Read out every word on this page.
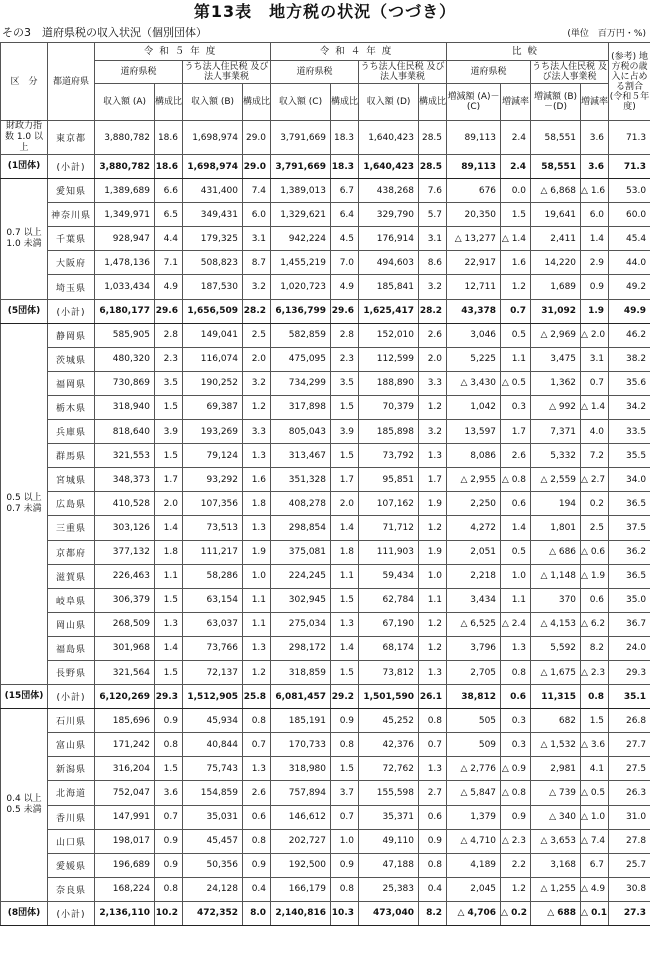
第13表　地方税の状況（つづき）
その3　道府県税の収入状況（個別団体）	(単位　百万円・%)
区　分	都道府県	令和５年度				令和４年度				比較				(参考) 地方税の歳入に占める割合 (令和５年度)
		道府県税		うち法人住民税 及び法人事業税		道府県税		うち法人住民税 及び法人事業税		道府県税		うち法人住民税 及び法人事業税		
		収入額 (A)	構成比	収入額 (B)	構成比	収入額 (C)	構成比	収入額 (D)	構成比	増減額 (A)－(C)	増減率	増減額 (B)－(D)	増減率	
財政力指数 1.0 以上	東京都	3,880,782	18.6	1,698,974	29.0	3,791,669	18.3	1,640,423	28.5	89,113	2.4	58,551	3.6	71.3
(1団体)	(小計)	3,880,782	18.6	1,698,974	29.0	3,791,669	18.3	1,640,423	28.5	89,113	2.4	58,551	3.6	71.3
0.7 以上 1.0 未満	愛知県	1,389,689	6.6	431,400	7.4	1,389,013	6.7	438,268	7.6	676	0.0	△ 6,868	△ 1.6	53.0
	神奈川県	1,349,971	6.5	349,431	6.0	1,329,621	6.4	329,790	5.7	20,350	1.5	19,641	6.0	60.0
	千葉県	928,947	4.4	179,325	3.1	942,224	4.5	176,914	3.1	△ 13,277	△ 1.4	2,411	1.4	45.4
	大阪府	1,478,136	7.1	508,823	8.7	1,455,219	7.0	494,603	8.6	22,917	1.6	14,220	2.9	44.0
	埼玉県	1,033,434	4.9	187,530	3.2	1,020,723	4.9	185,841	3.2	12,711	1.2	1,689	0.9	49.2
(5団体)	(小計)	6,180,177	29.6	1,656,509	28.2	6,136,799	29.6	1,625,417	28.2	43,378	0.7	31,092	1.9	49.9
0.5 以上 0.7 未満	静岡県	585,905	2.8	149,041	2.5	582,859	2.8	152,010	2.6	3,046	0.5	△ 2,969	△ 2.0	46.2
	茨城県	480,320	2.3	116,074	2.0	475,095	2.3	112,599	2.0	5,225	1.1	3,475	3.1	38.2
	福岡県	730,869	3.5	190,252	3.2	734,299	3.5	188,890	3.3	△ 3,430	△ 0.5	1,362	0.7	35.6
	栃木県	318,940	1.5	69,387	1.2	317,898	1.5	70,379	1.2	1,042	0.3	△ 992	△ 1.4	34.2
	兵庫県	818,640	3.9	193,269	3.3	805,043	3.9	185,898	3.2	13,597	1.7	7,371	4.0	33.5
	群馬県	321,553	1.5	79,124	1.3	313,467	1.5	73,792	1.3	8,086	2.6	5,332	7.2	35.5
	宮城県	348,373	1.7	93,292	1.6	351,328	1.7	95,851	1.7	△ 2,955	△ 0.8	△ 2,559	△ 2.7	34.0
	広島県	410,528	2.0	107,356	1.8	408,278	2.0	107,162	1.9	2,250	0.6	194	0.2	36.5
	三重県	303,126	1.4	73,513	1.3	298,854	1.4	71,712	1.2	4,272	1.4	1,801	2.5	37.5
	京都府	377,132	1.8	111,217	1.9	375,081	1.8	111,903	1.9	2,051	0.5	△ 686	△ 0.6	36.2
	滋賀県	226,463	1.1	58,286	1.0	224,245	1.1	59,434	1.0	2,218	1.0	△ 1,148	△ 1.9	36.5
	岐阜県	306,379	1.5	63,154	1.1	302,945	1.5	62,784	1.1	3,434	1.1	370	0.6	35.0
	岡山県	268,509	1.3	63,037	1.1	275,034	1.3	67,190	1.2	△ 6,525	△ 2.4	△ 4,153	△ 6.2	36.7
	福島県	301,968	1.4	73,766	1.3	298,172	1.4	68,174	1.2	3,796	1.3	5,592	8.2	24.0
	長野県	321,564	1.5	72,137	1.2	318,859	1.5	73,812	1.3	2,705	0.8	△ 1,675	△ 2.3	29.3
(15団体)	(小計)	6,120,269	29.3	1,512,905	25.8	6,081,457	29.2	1,501,590	26.1	38,812	0.6	11,315	0.8	35.1
0.4 以上 0.5 未満	石川県	185,696	0.9	45,934	0.8	185,191	0.9	45,252	0.8	505	0.3	682	1.5	26.8
	富山県	171,242	0.8	40,844	0.7	170,733	0.8	42,376	0.7	509	0.3	△ 1,532	△ 3.6	27.7
	新潟県	316,204	1.5	75,743	1.3	318,980	1.5	72,762	1.3	△ 2,776	△ 0.9	2,981	4.1	27.5
	北海道	752,047	3.6	154,859	2.6	757,894	3.7	155,598	2.7	△ 5,847	△ 0.8	△ 739	△ 0.5	26.3
	香川県	147,991	0.7	35,031	0.6	146,612	0.7	35,371	0.6	1,379	0.9	△ 340	△ 1.0	31.0
	山口県	198,017	0.9	45,457	0.8	202,727	1.0	49,110	0.9	△ 4,710	△ 2.3	△ 3,653	△ 7.4	27.8
	愛媛県	196,689	0.9	50,356	0.9	192,500	0.9	47,188	0.8	4,189	2.2	3,168	6.7	25.7
	奈良県	168,224	0.8	24,128	0.4	166,179	0.8	25,383	0.4	2,045	1.2	△ 1,255	△ 4.9	30.8
(8団体)	(小計)	2,136,110	10.2	472,352	8.0	2,140,816	10.3	473,040	8.2	△ 4,706	△ 0.2	△ 688	△ 0.1	27.3
